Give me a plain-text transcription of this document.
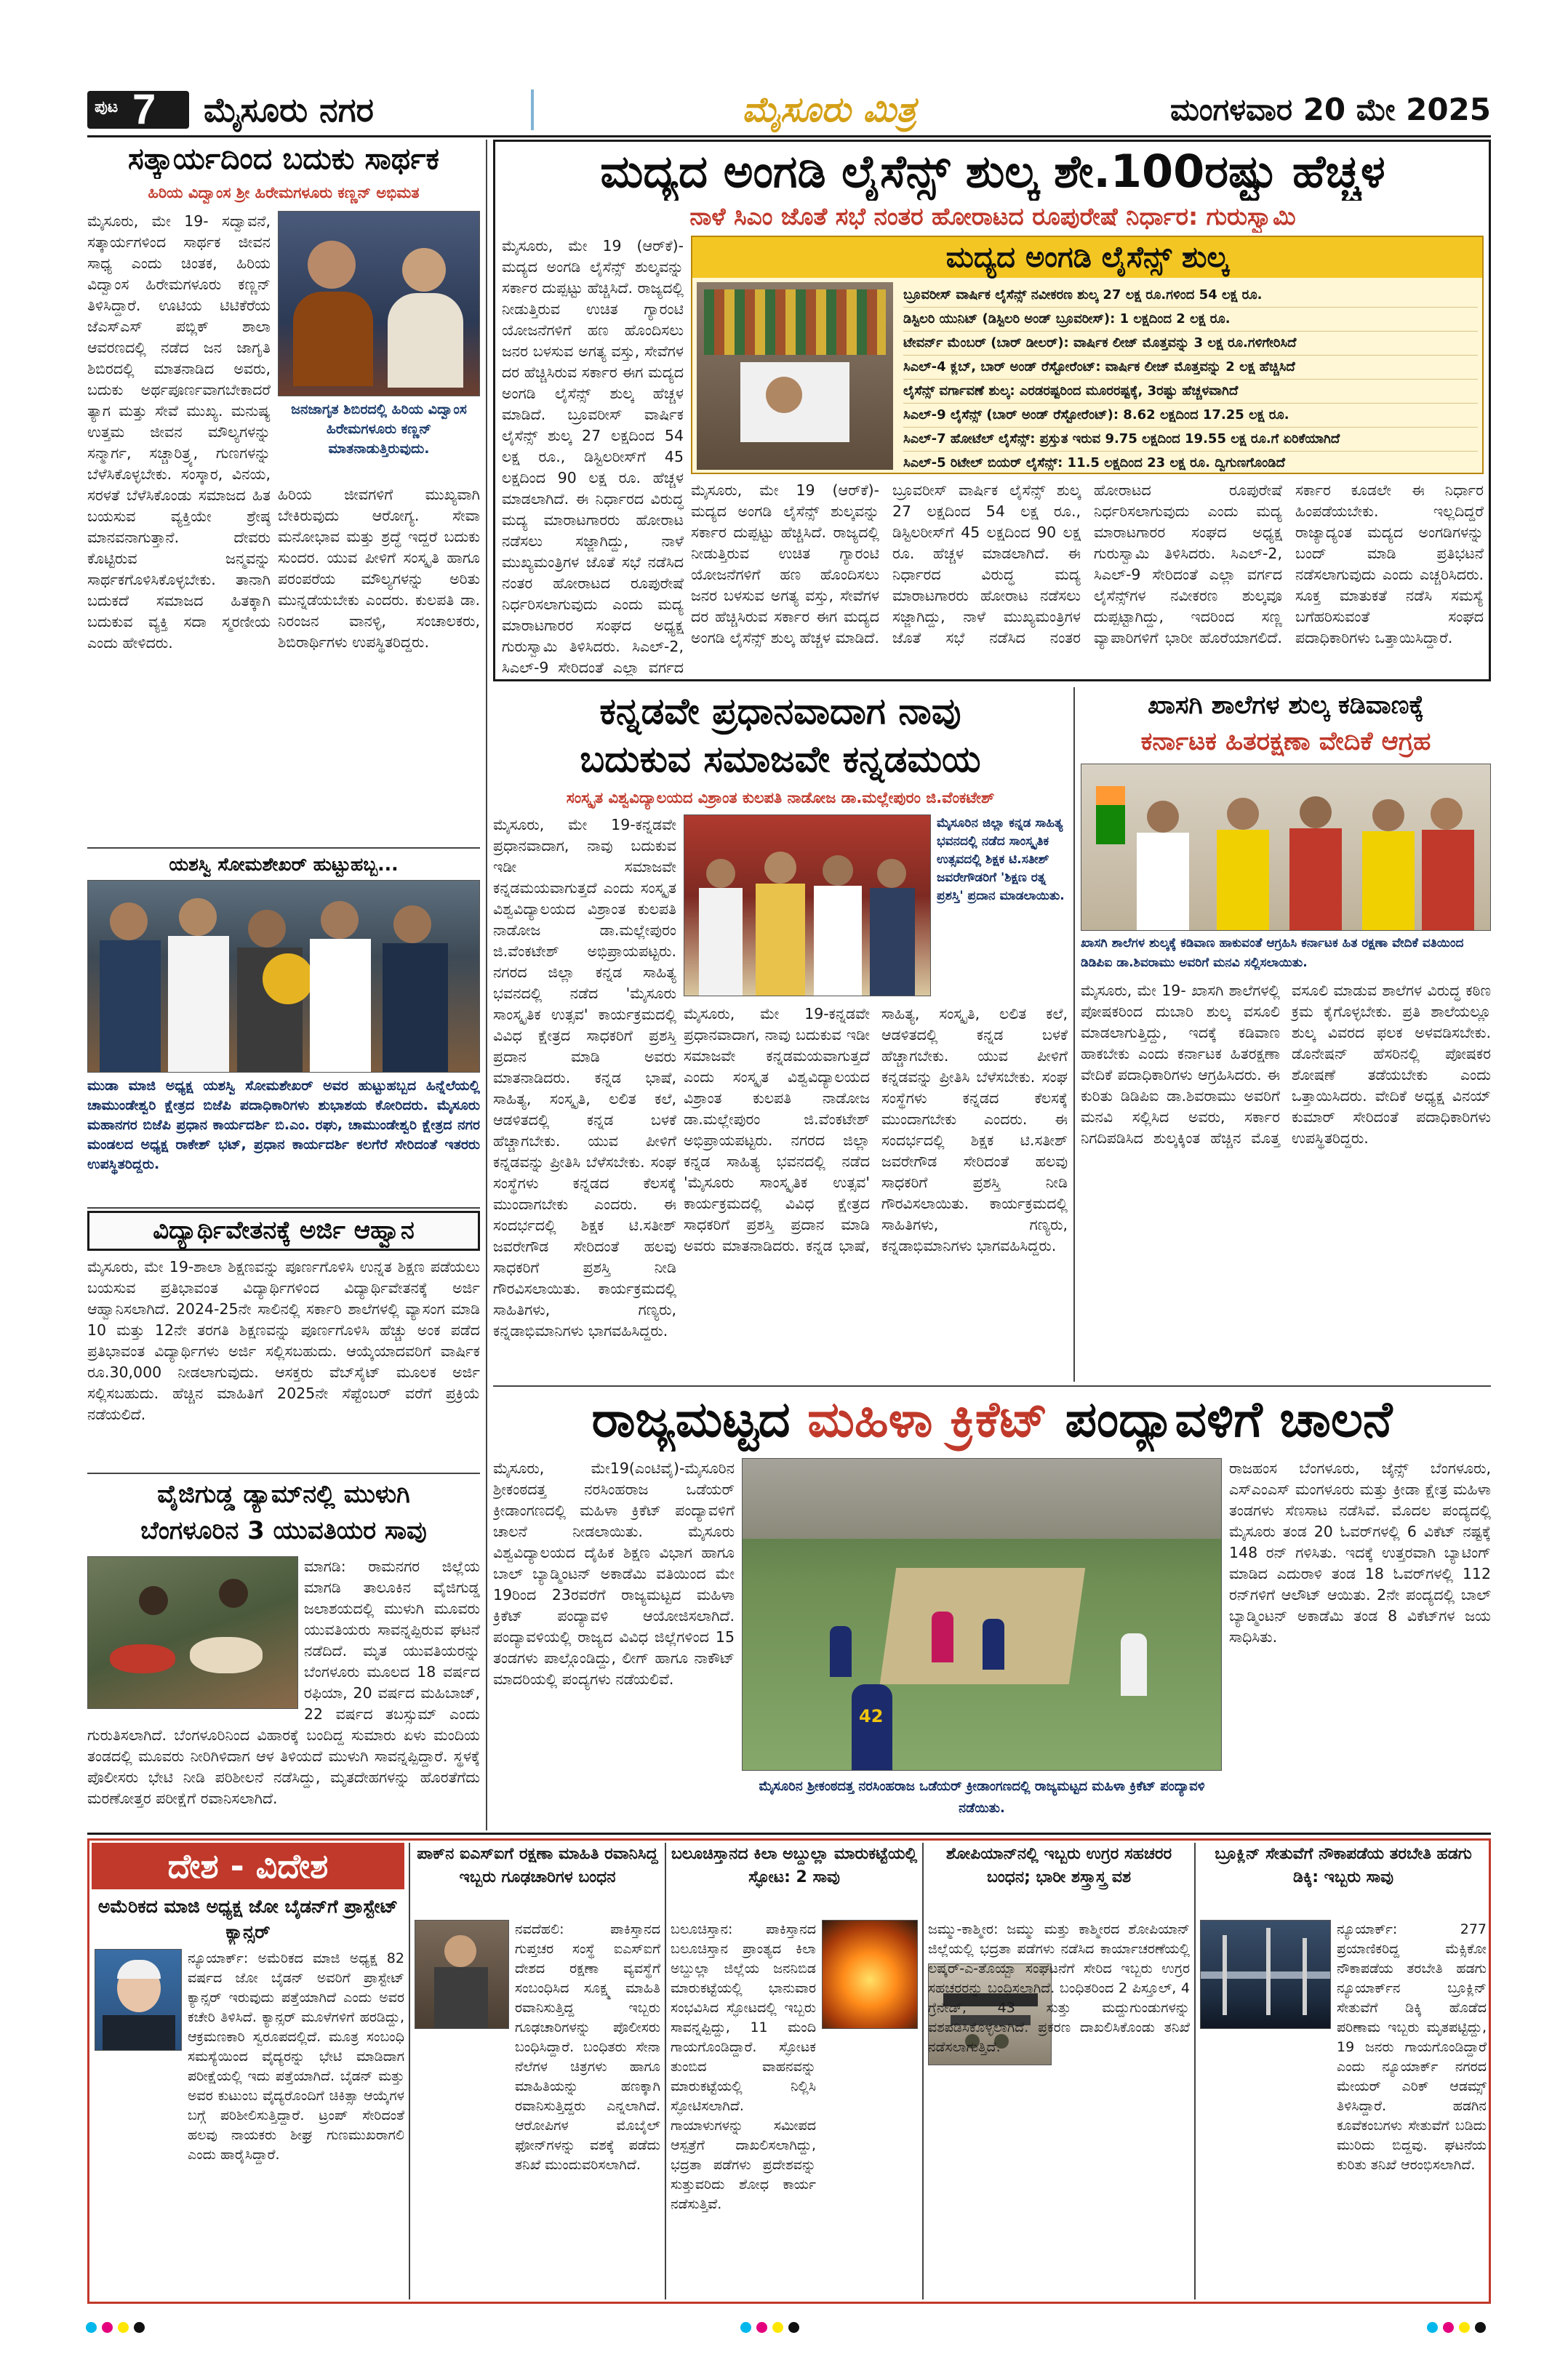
ಪುಟ 7 ಮೈಸೂರು ನಗರ	ಮೈಸೂರು ಮಿತ್ರ	ಮಂಗಳವಾರ 20 ಮೇ 2025
ಸತ್ಕಾರ್ಯದಿಂದ ಬದುಕು ಸಾರ್ಥಕ
ಹಿರಿಯ ವಿದ್ವಾಂಸ ಶ್ರೀ ಹಿರೇಮಗಳೂರು ಕಣ್ಣನ್ ಅಭಿಮತ
ಮೈಸೂರು, ಮೇ 19- ಸದ್ವಾವನೆ, ಸತ್ಕಾರ್ಯಗಳಿಂದ ಸಾರ್ಥಕ ಜೀವನ ಸಾಧ್ಯ ಎಂದು ಚಿಂತಕ, ಹಿರಿಯ ವಿದ್ವಾಂಸ ಹಿರೇಮಗಳೂರು ಕಣ್ಣನ್ ತಿಳಿಸಿದ್ದಾರೆ. ಊಟಿಯ ಟಿಟಿಕೆರೆಯ ಜೆಎಸ್ಎಸ್ ಪಬ್ಲಿಕ್ ಶಾಲಾ ಆವರಣದಲ್ಲಿ ನಡೆದ ಜನ ಜಾಗೃತಿ ಶಿಬಿರದಲ್ಲಿ ಮಾತನಾಡಿದ ಅವರು, ಬದುಕು ಅರ್ಥಪೂರ್ಣವಾಗಬೇಕಾದರೆ ತ್ಯಾಗ ಮತ್ತು ಸೇವೆ ಮುಖ್ಯ. ಮನುಷ್ಯ ಉತ್ತಮ ಜೀವನ ಮೌಲ್ಯಗಳನ್ನು ಸನ್ಮಾರ್ಗ, ಸಚ್ಚಾರಿತ್ರ್ಯ, ಗುಣಗಳನ್ನು ಬೆಳೆಸಿಕೊಳ್ಳಬೇಕು. ಸಂಸ್ಕಾರ, ವಿನಯ, ಸರಳತೆ ಬೆಳೆಸಿಕೊಂಡು ಸಮಾಜದ ಹಿತ ಬಯಸುವ ವ್ಯಕ್ತಿಯೇ ಶ್ರೇಷ್ಠ ಮಾನವನಾಗುತ್ತಾನೆ. ದೇವರು ಕೊಟ್ಟಿರುವ ಜನ್ಮವನ್ನು ಸಾರ್ಥಕಗೊಳಿಸಿಕೊಳ್ಳಬೇಕು. ತಾನಾಗಿ ಬದುಕದೆ ಸಮಾಜದ ಹಿತಕ್ಕಾಗಿ ಬದುಕುವ ವ್ಯಕ್ತಿ ಸದಾ ಸ್ಮರಣೀಯ ಎಂದು ಹೇಳಿದರು.
ಜನಜಾಗೃತ ಶಿಬಿರದಲ್ಲಿ ಹಿರಿಯ ವಿದ್ವಾಂಸ ಹಿರೇಮಗಳೂರು ಕಣ್ಣನ್ ಮಾತನಾಡುತ್ತಿರುವುದು.
ಹಿರಿಯ ಜೀವಗಳಿಗೆ ಮುಖ್ಯವಾಗಿ ಬೇಕಿರುವುದು ಆರೋಗ್ಯ. ಸೇವಾ ಮನೋಭಾವ ಮತ್ತು ಶ್ರದ್ಧೆ ಇದ್ದರೆ ಬದುಕು ಸುಂದರ. ಯುವ ಪೀಳಿಗೆ ಸಂಸ್ಕೃತಿ ಹಾಗೂ ಪರಂಪರೆಯ ಮೌಲ್ಯಗಳನ್ನು ಅರಿತು ಮುನ್ನಡೆಯಬೇಕು ಎಂದರು. ಕುಲಪತಿ ಡಾ. ನಿರಂಜನ ವಾನಳ್ಳಿ, ಸಂಚಾಲಕರು, ಶಿಬಿರಾರ್ಥಿಗಳು ಉಪಸ್ಥಿತರಿದ್ದರು.
ಯಶಸ್ವಿ ಸೋಮಶೇಖರ್ ಹುಟ್ಟುಹಬ್ಬ...
ಮುಡಾ ಮಾಜಿ ಅಧ್ಯಕ್ಷ ಯಶಸ್ವಿ ಸೋಮಶೇಖರ್ ಅವರ ಹುಟ್ಟುಹಬ್ಬದ ಹಿನ್ನೆಲೆಯಲ್ಲಿ ಚಾಮುಂಡೇಶ್ವರಿ ಕ್ಷೇತ್ರದ ಬಿಜೆಪಿ ಪದಾಧಿಕಾರಿಗಳು ಶುಭಾಶಯ ಕೋರಿದರು. ಮೈಸೂರು ಮಹಾನಗರ ಬಿಜೆಪಿ ಪ್ರಧಾನ ಕಾರ್ಯದರ್ಶಿ ಬಿ.ಎಂ. ರಘು, ಚಾಮುಂಡೇಶ್ವರಿ ಕ್ಷೇತ್ರದ ನಗರ ಮಂಡಲದ ಅಧ್ಯಕ್ಷ ರಾಕೇಶ್ ಭಟ್, ಪ್ರಧಾನ ಕಾರ್ಯದರ್ಶಿ ಕಲಗೆರೆ ಸೇರಿದಂತೆ ಇತರರು ಉಪಸ್ಥಿತರಿದ್ದರು.
ವಿದ್ಯಾರ್ಥಿವೇತನಕ್ಕೆ ಅರ್ಜಿ ಆಹ್ವಾನ
ಮೈಸೂರು, ಮೇ 19-ಶಾಲಾ ಶಿಕ್ಷಣವನ್ನು ಪೂರ್ಣಗೊಳಿಸಿ ಉನ್ನತ ಶಿಕ್ಷಣ ಪಡೆಯಲು ಬಯಸುವ ಪ್ರತಿಭಾವಂತ ವಿದ್ಯಾರ್ಥಿಗಳಿಂದ ವಿದ್ಯಾರ್ಥಿವೇತನಕ್ಕೆ ಅರ್ಜಿ ಆಹ್ವಾನಿಸಲಾಗಿದೆ. 2024-25ನೇ ಸಾಲಿನಲ್ಲಿ ಸರ್ಕಾರಿ ಶಾಲೆಗಳಲ್ಲಿ ವ್ಯಾಸಂಗ ಮಾಡಿ 10 ಮತ್ತು 12ನೇ ತರಗತಿ ಶಿಕ್ಷಣವನ್ನು ಪೂರ್ಣಗೊಳಿಸಿ ಹೆಚ್ಚು ಅಂಕ ಪಡೆದ ಪ್ರತಿಭಾವಂತ ವಿದ್ಯಾರ್ಥಿಗಳು ಅರ್ಜಿ ಸಲ್ಲಿಸಬಹುದು. ಆಯ್ಕೆಯಾದವರಿಗೆ ವಾರ್ಷಿಕ ರೂ.30,000 ನೀಡಲಾಗುವುದು. ಆಸಕ್ತರು ವೆಬ್‌ಸೈಟ್ ಮೂಲಕ ಅರ್ಜಿ ಸಲ್ಲಿಸಬಹುದು. ಹೆಚ್ಚಿನ ಮಾಹಿತಿಗೆ 2025ನೇ ಸೆಪ್ಟೆಂಬರ್ ವರೆಗೆ ಪ್ರಕ್ರಿಯೆ ನಡೆಯಲಿದೆ.
ವೈಜಿಗುಡ್ಡ ಡ್ಯಾಮ್‌ನಲ್ಲಿ ಮುಳುಗಿ
ಬೆಂಗಳೂರಿನ 3 ಯುವತಿಯರ ಸಾವು
ಮಾಗಡಿ: ರಾಮನಗರ ಜಿಲ್ಲೆಯ ಮಾಗಡಿ ತಾಲೂಕಿನ ವೈಜಿಗುಡ್ಡ ಜಲಾಶಯದಲ್ಲಿ ಮುಳುಗಿ ಮೂವರು ಯುವತಿಯರು ಸಾವನ್ನಪ್ಪಿರುವ ಘಟನೆ ನಡೆದಿದೆ. ಮೃತ ಯುವತಿಯರನ್ನು ಬೆಂಗಳೂರು ಮೂಲದ 18 ವರ್ಷದ ರಫಿಯಾ, 20 ವರ್ಷದ ಮಹಿಬಾಜ್, 22 ವರ್ಷದ ತಬಸ್ಸುಮ್ ಎಂದು ಗುರುತಿಸಲಾಗಿದೆ. ಬೆಂಗಳೂರಿನಿಂದ ವಿಹಾರಕ್ಕೆ ಬಂದಿದ್ದ ಸುಮಾರು ಏಳು ಮಂದಿಯ ತಂಡದಲ್ಲಿ ಮೂವರು ನೀರಿಗಿಳಿದಾಗ ಆಳ ತಿಳಿಯದೆ ಮುಳುಗಿ ಸಾವನ್ನಪ್ಪಿದ್ದಾರೆ. ಸ್ಥಳಕ್ಕೆ ಪೊಲೀಸರು ಭೇಟಿ ನೀಡಿ ಪರಿಶೀಲನೆ ನಡೆಸಿದ್ದು, ಮೃತದೇಹಗಳನ್ನು ಹೊರತೆಗೆದು ಮರಣೋತ್ತರ ಪರೀಕ್ಷೆಗೆ ರವಾನಿಸಲಾಗಿದೆ.
ಮದ್ಯದ ಅಂಗಡಿ ಲೈಸೆನ್ಸ್ ಶುಲ್ಕ ಶೇ.100ರಷ್ಟು ಹೆಚ್ಚಳ
ನಾಳೆ ಸಿಎಂ ಜೊತೆ ಸಭೆ ನಂತರ ಹೋರಾಟದ ರೂಪುರೇಷೆ ನಿರ್ಧಾರ: ಗುರುಸ್ವಾಮಿ
ಮದ್ಯದ ಅಂಗಡಿ ಲೈಸೆನ್ಸ್ ಶುಲ್ಕ
ಬ್ರೂವರೀಸ್ ವಾರ್ಷಿಕ ಲೈಸೆನ್ಸ್ ನವೀಕರಣ ಶುಲ್ಕ 27 ಲಕ್ಷ ರೂ.ಗಳಿಂದ 54 ಲಕ್ಷ ರೂ.
ಡಿಸ್ಟಿಲರಿ ಯುನಿಟ್ (ಡಿಸ್ಟಿಲರಿ ಅಂಡ್ ಬ್ರೂವರೀಸ್): 1 ಲಕ್ಷದಿಂದ 2 ಲಕ್ಷ ರೂ.
ಟೇವರ್ನ್ ಮೆಂಬರ್ (ಬಾರ್ ಡೀಲರ್): ವಾರ್ಷಿಕ ಲೀಜ್ ಮೊತ್ತವನ್ನು 3 ಲಕ್ಷ ರೂ.ಗಳಿಗೇರಿಸಿದೆ
ಸಿಎಲ್-4 ಕ್ಲಬ್, ಬಾರ್ ಅಂಡ್ ರೆಸ್ಟೋರೆಂಟ್: ವಾರ್ಷಿಕ ಲೀಜ್ ಮೊತ್ತವನ್ನು 2 ಲಕ್ಷ ಹೆಚ್ಚಿಸಿದೆ
ಲೈಸೆನ್ಸ್ ವರ್ಗಾವಣೆ ಶುಲ್ಕ: ಎರಡರಷ್ಟರಿಂದ ಮೂರರಷ್ಟಕ್ಕೆ, 3ರಷ್ಟು ಹೆಚ್ಚಳವಾಗಿದೆ
ಸಿಎಲ್-9 ಲೈಸೆನ್ಸ್ (ಬಾರ್ ಅಂಡ್ ರೆಸ್ಟೋರೆಂಟ್): 8.62 ಲಕ್ಷದಿಂದ 17.25 ಲಕ್ಷ ರೂ.
ಸಿಎಲ್-7 ಹೋಟೆಲ್ ಲೈಸೆನ್ಸ್: ಪ್ರಸ್ತುತ ಇರುವ 9.75 ಲಕ್ಷದಿಂದ 19.55 ಲಕ್ಷ ರೂ.ಗೆ ಏರಿಕೆಯಾಗಿದೆ
ಸಿಎಲ್-5 ರಿಟೇಲ್ ಬಿಯರ್ ಲೈಸೆನ್ಸ್: 11.5 ಲಕ್ಷದಿಂದ 23 ಲಕ್ಷ ರೂ. ದ್ವಿಗುಣಗೊಂಡಿದೆ
ಮೈಸೂರು, ಮೇ 19 (ಆರ್‌ಕೆ)- ಮದ್ಯದ ಅಂಗಡಿ ಲೈಸೆನ್ಸ್ ಶುಲ್ಕವನ್ನು ಸರ್ಕಾರ ದುಪ್ಪಟ್ಟು ಹೆಚ್ಚಿಸಿದೆ. ರಾಜ್ಯದಲ್ಲಿ ನೀಡುತ್ತಿರುವ ಉಚಿತ ಗ್ಯಾರಂಟಿ ಯೋಜನೆಗಳಿಗೆ ಹಣ ಹೊಂದಿಸಲು ಜನರ ಬಳಸುವ ಅಗತ್ಯ ವಸ್ತು, ಸೇವೆಗಳ ದರ ಹೆಚ್ಚಿಸಿರುವ ಸರ್ಕಾರ ಈಗ ಮದ್ಯದ ಅಂಗಡಿ ಲೈಸೆನ್ಸ್ ಶುಲ್ಕ ಹೆಚ್ಚಳ ಮಾಡಿದೆ. ಬ್ರೂವರೀಸ್ ವಾರ್ಷಿಕ ಲೈಸೆನ್ಸ್ ಶುಲ್ಕ 27 ಲಕ್ಷದಿಂದ 54 ಲಕ್ಷ ರೂ., ಡಿಸ್ಟಿಲರೀಸ್‌ಗೆ 45 ಲಕ್ಷದಿಂದ 90 ಲಕ್ಷ ರೂ. ಹೆಚ್ಚಳ ಮಾಡಲಾಗಿದೆ. ಈ ನಿರ್ಧಾರದ ವಿರುದ್ಧ ಮದ್ಯ ಮಾರಾಟಗಾರರು ಹೋರಾಟ ನಡೆಸಲು ಸಜ್ಜಾಗಿದ್ದು, ನಾಳೆ ಮುಖ್ಯಮಂತ್ರಿಗಳ ಜೊತೆ ಸಭೆ ನಡೆಸಿದ ನಂತರ ಹೋರಾಟದ ರೂಪುರೇಷೆ ನಿರ್ಧರಿಸಲಾಗುವುದು ಎಂದು ಮದ್ಯ ಮಾರಾಟಗಾರರ ಸಂಘದ ಅಧ್ಯಕ್ಷ ಗುರುಸ್ವಾಮಿ ತಿಳಿಸಿದರು. ಸಿಎಲ್-2, ಸಿಎಲ್-9 ಸೇರಿದಂತೆ ಎಲ್ಲಾ ವರ್ಗದ
ಮೈಸೂರು, ಮೇ 19 (ಆರ್‌ಕೆ)- ಮದ್ಯದ ಅಂಗಡಿ ಲೈಸೆನ್ಸ್ ಶುಲ್ಕವನ್ನು ಸರ್ಕಾರ ದುಪ್ಪಟ್ಟು ಹೆಚ್ಚಿಸಿದೆ. ರಾಜ್ಯದಲ್ಲಿ ನೀಡುತ್ತಿರುವ ಉಚಿತ ಗ್ಯಾರಂಟಿ ಯೋಜನೆಗಳಿಗೆ ಹಣ ಹೊಂದಿಸಲು ಜನರ ಬಳಸುವ ಅಗತ್ಯ ವಸ್ತು, ಸೇವೆಗಳ ದರ ಹೆಚ್ಚಿಸಿರುವ ಸರ್ಕಾರ ಈಗ ಮದ್ಯದ ಅಂಗಡಿ ಲೈಸೆನ್ಸ್ ಶುಲ್ಕ ಹೆಚ್ಚಳ ಮಾಡಿದೆ. ಬ್ರೂವರೀಸ್ ವಾರ್ಷಿಕ ಲೈಸೆನ್ಸ್ ಶುಲ್ಕ 27 ಲಕ್ಷದಿಂದ 54 ಲಕ್ಷ ರೂ., ಡಿಸ್ಟಿಲರೀಸ್‌ಗೆ 45 ಲಕ್ಷದಿಂದ 90 ಲಕ್ಷ ರೂ. ಹೆಚ್ಚಳ ಮಾಡಲಾಗಿದೆ. ಈ ನಿರ್ಧಾರದ ವಿರುದ್ಧ ಮದ್ಯ ಮಾರಾಟಗಾರರು ಹೋರಾಟ ನಡೆಸಲು ಸಜ್ಜಾಗಿದ್ದು, ನಾಳೆ ಮುಖ್ಯಮಂತ್ರಿಗಳ ಜೊತೆ ಸಭೆ ನಡೆಸಿದ ನಂತರ ಹೋರಾಟದ ರೂಪುರೇಷೆ ನಿರ್ಧರಿಸಲಾಗುವುದು ಎಂದು ಮದ್ಯ ಮಾರಾಟಗಾರರ ಸಂಘದ ಅಧ್ಯಕ್ಷ ಗುರುಸ್ವಾಮಿ ತಿಳಿಸಿದರು. ಸಿಎಲ್-2, ಸಿಎಲ್-9 ಸೇರಿದಂತೆ ಎಲ್ಲಾ ವರ್ಗದ ಲೈಸೆನ್ಸ್‌ಗಳ ನವೀಕರಣ ಶುಲ್ಕವೂ ದುಪ್ಪಟ್ಟಾಗಿದ್ದು, ಇದರಿಂದ ಸಣ್ಣ ವ್ಯಾಪಾರಿಗಳಿಗೆ ಭಾರೀ ಹೊರೆಯಾಗಲಿದೆ. ಸರ್ಕಾರ ಕೂಡಲೇ ಈ ನಿರ್ಧಾರ ಹಿಂಪಡೆಯಬೇಕು. ಇಲ್ಲದಿದ್ದರೆ ರಾಜ್ಯಾದ್ಯಂತ ಮದ್ಯದ ಅಂಗಡಿಗಳನ್ನು ಬಂದ್ ಮಾಡಿ ಪ್ರತಿಭಟನೆ ನಡೆಸಲಾಗುವುದು ಎಂದು ಎಚ್ಚರಿಸಿದರು. ಸೂಕ್ತ ಮಾತುಕತೆ ನಡೆಸಿ ಸಮಸ್ಯೆ ಬಗೆಹರಿಸುವಂತೆ ಸಂಘದ ಪದಾಧಿಕಾರಿಗಳು ಒತ್ತಾಯಿಸಿದ್ದಾರೆ.
ಕನ್ನಡವೇ ಪ್ರಧಾನವಾದಾಗ ನಾವು
ಬದುಕುವ ಸಮಾಜವೇ ಕನ್ನಡಮಯ
ಸಂಸ್ಕೃತ ವಿಶ್ವವಿದ್ಯಾಲಯದ ವಿಶ್ರಾಂತ ಕುಲಪತಿ ನಾಡೋಜ ಡಾ.ಮಲ್ಲೇಪುರಂ ಜಿ.ವೆಂಕಟೇಶ್
ಮೈಸೂರು, ಮೇ 19-ಕನ್ನಡವೇ ಪ್ರಧಾನವಾದಾಗ, ನಾವು ಬದುಕುವ ಇಡೀ ಸಮಾಜವೇ ಕನ್ನಡಮಯವಾಗುತ್ತದೆ ಎಂದು ಸಂಸ್ಕೃತ ವಿಶ್ವವಿದ್ಯಾಲಯದ ವಿಶ್ರಾಂತ ಕುಲಪತಿ ನಾಡೋಜ ಡಾ.ಮಲ್ಲೇಪುರಂ ಜಿ.ವೆಂಕಟೇಶ್ ಅಭಿಪ್ರಾಯಪಟ್ಟರು. ನಗರದ ಜಿಲ್ಲಾ ಕನ್ನಡ ಸಾಹಿತ್ಯ ಭವನದಲ್ಲಿ ನಡೆದ 'ಮೈಸೂರು ಸಾಂಸ್ಕೃತಿಕ ಉತ್ಸವ' ಕಾರ್ಯಕ್ರಮದಲ್ಲಿ ವಿವಿಧ ಕ್ಷೇತ್ರದ ಸಾಧಕರಿಗೆ ಪ್ರಶಸ್ತಿ ಪ್ರದಾನ ಮಾಡಿ ಅವರು ಮಾತನಾಡಿದರು. ಕನ್ನಡ ಭಾಷೆ, ಸಾಹಿತ್ಯ, ಸಂಸ್ಕೃತಿ, ಲಲಿತ ಕಲೆ, ಆಡಳಿತದಲ್ಲಿ ಕನ್ನಡ ಬಳಕೆ ಹೆಚ್ಚಾಗಬೇಕು. ಯುವ ಪೀಳಿಗೆ ಕನ್ನಡವನ್ನು ಪ್ರೀತಿಸಿ ಬೆಳೆಸಬೇಕು. ಸಂಘ ಸಂಸ್ಥೆಗಳು ಕನ್ನಡದ ಕೆಲಸಕ್ಕೆ ಮುಂದಾಗಬೇಕು ಎಂದರು. ಈ ಸಂದರ್ಭದಲ್ಲಿ ಶಿಕ್ಷಕ ಟಿ.ಸತೀಶ್ ಜವರೇಗೌಡ ಸೇರಿದಂತೆ ಹಲವು ಸಾಧಕರಿಗೆ ಪ್ರಶಸ್ತಿ ನೀಡಿ ಗೌರವಿಸಲಾಯಿತು. ಕಾರ್ಯಕ್ರಮದಲ್ಲಿ ಸಾಹಿತಿಗಳು, ಗಣ್ಯರು, ಕನ್ನಡಾಭಿಮಾನಿಗಳು ಭಾಗವಹಿಸಿದ್ದರು.
ಮೈಸೂರಿನ ಜಿಲ್ಲಾ ಕನ್ನಡ ಸಾಹಿತ್ಯ ಭವನದಲ್ಲಿ ನಡೆದ ಸಾಂಸ್ಕೃತಿಕ ಉತ್ಸವದಲ್ಲಿ ಶಿಕ್ಷಕ ಟಿ.ಸತೀಶ್ ಜವರೇಗೌಡರಿಗೆ 'ಶಿಕ್ಷಣ ರತ್ನ ಪ್ರಶಸ್ತಿ' ಪ್ರದಾನ ಮಾಡಲಾಯಿತು.
ಮೈಸೂರು, ಮೇ 19-ಕನ್ನಡವೇ ಪ್ರಧಾನವಾದಾಗ, ನಾವು ಬದುಕುವ ಇಡೀ ಸಮಾಜವೇ ಕನ್ನಡಮಯವಾಗುತ್ತದೆ ಎಂದು ಸಂಸ್ಕೃತ ವಿಶ್ವವಿದ್ಯಾಲಯದ ವಿಶ್ರಾಂತ ಕುಲಪತಿ ನಾಡೋಜ ಡಾ.ಮಲ್ಲೇಪುರಂ ಜಿ.ವೆಂಕಟೇಶ್ ಅಭಿಪ್ರಾಯಪಟ್ಟರು. ನಗರದ ಜಿಲ್ಲಾ ಕನ್ನಡ ಸಾಹಿತ್ಯ ಭವನದಲ್ಲಿ ನಡೆದ 'ಮೈಸೂರು ಸಾಂಸ್ಕೃತಿಕ ಉತ್ಸವ' ಕಾರ್ಯಕ್ರಮದಲ್ಲಿ ವಿವಿಧ ಕ್ಷೇತ್ರದ ಸಾಧಕರಿಗೆ ಪ್ರಶಸ್ತಿ ಪ್ರದಾನ ಮಾಡಿ ಅವರು ಮಾತನಾಡಿದರು. ಕನ್ನಡ ಭಾಷೆ, ಸಾಹಿತ್ಯ, ಸಂಸ್ಕೃತಿ, ಲಲಿತ ಕಲೆ, ಆಡಳಿತದಲ್ಲಿ ಕನ್ನಡ ಬಳಕೆ ಹೆಚ್ಚಾಗಬೇಕು. ಯುವ ಪೀಳಿಗೆ ಕನ್ನಡವನ್ನು ಪ್ರೀತಿಸಿ ಬೆಳೆಸಬೇಕು. ಸಂಘ ಸಂಸ್ಥೆಗಳು ಕನ್ನಡದ ಕೆಲಸಕ್ಕೆ ಮುಂದಾಗಬೇಕು ಎಂದರು. ಈ ಸಂದರ್ಭದಲ್ಲಿ ಶಿಕ್ಷಕ ಟಿ.ಸತೀಶ್ ಜವರೇಗೌಡ ಸೇರಿದಂತೆ ಹಲವು ಸಾಧಕರಿಗೆ ಪ್ರಶಸ್ತಿ ನೀಡಿ ಗೌರವಿಸಲಾಯಿತು. ಕಾರ್ಯಕ್ರಮದಲ್ಲಿ ಸಾಹಿತಿಗಳು, ಗಣ್ಯರು, ಕನ್ನಡಾಭಿಮಾನಿಗಳು ಭಾಗವಹಿಸಿದ್ದರು.
ಖಾಸಗಿ ಶಾಲೆಗಳ ಶುಲ್ಕ ಕಡಿವಾಣಕ್ಕೆ
ಕರ್ನಾಟಕ ಹಿತರಕ್ಷಣಾ ವೇದಿಕೆ ಆಗ್ರಹ
ಖಾಸಗಿ ಶಾಲೆಗಳ ಶುಲ್ಕಕ್ಕೆ ಕಡಿವಾಣ ಹಾಕುವಂತೆ ಆಗ್ರಹಿಸಿ ಕರ್ನಾಟಕ ಹಿತ ರಕ್ಷಣಾ ವೇದಿಕೆ ವತಿಯಿಂದ ಡಿಡಿಪಿಐ ಡಾ.ಶಿವರಾಮು ಅವರಿಗೆ ಮನವಿ ಸಲ್ಲಿಸಲಾಯಿತು.
ಮೈಸೂರು, ಮೇ 19- ಖಾಸಗಿ ಶಾಲೆಗಳಲ್ಲಿ ಪೋಷಕರಿಂದ ದುಬಾರಿ ಶುಲ್ಕ ವಸೂಲಿ ಮಾಡಲಾಗುತ್ತಿದ್ದು, ಇದಕ್ಕೆ ಕಡಿವಾಣ ಹಾಕಬೇಕು ಎಂದು ಕರ್ನಾಟಕ ಹಿತರಕ್ಷಣಾ ವೇದಿಕೆ ಪದಾಧಿಕಾರಿಗಳು ಆಗ್ರಹಿಸಿದರು. ಈ ಕುರಿತು ಡಿಡಿಪಿಐ ಡಾ.ಶಿವರಾಮು ಅವರಿಗೆ ಮನವಿ ಸಲ್ಲಿಸಿದ ಅವರು, ಸರ್ಕಾರ ನಿಗದಿಪಡಿಸಿದ ಶುಲ್ಕಕ್ಕಿಂತ ಹೆಚ್ಚಿನ ಮೊತ್ತ ವಸೂಲಿ ಮಾಡುವ ಶಾಲೆಗಳ ವಿರುದ್ಧ ಕಠಿಣ ಕ್ರಮ ಕೈಗೊಳ್ಳಬೇಕು. ಪ್ರತಿ ಶಾಲೆಯಲ್ಲೂ ಶುಲ್ಕ ವಿವರದ ಫಲಕ ಅಳವಡಿಸಬೇಕು. ಡೊನೇಷನ್ ಹೆಸರಿನಲ್ಲಿ ಪೋಷಕರ ಶೋಷಣೆ ತಡೆಯಬೇಕು ಎಂದು ಒತ್ತಾಯಿಸಿದರು. ವೇದಿಕೆ ಅಧ್ಯಕ್ಷ ವಿನಯ್ ಕುಮಾರ್ ಸೇರಿದಂತೆ ಪದಾಧಿಕಾರಿಗಳು ಉಪಸ್ಥಿತರಿದ್ದರು.
ರಾಜ್ಯಮಟ್ಟದ ಮಹಿಳಾ ಕ್ರಿಕೆಟ್ ಪಂದ್ಯಾವಳಿಗೆ ಚಾಲನೆ
ಮೈಸೂರು, ಮೇ19(ಎಂಟಿವೈ)-ಮೈಸೂರಿನ ಶ್ರೀಕಂಠದತ್ತ ನರಸಿಂಹರಾಜ ಒಡೆಯರ್ ಕ್ರೀಡಾಂಗಣದಲ್ಲಿ ಮಹಿಳಾ ಕ್ರಿಕೆಟ್ ಪಂದ್ಯಾವಳಿಗೆ ಚಾಲನೆ ನೀಡಲಾಯಿತು. ಮೈಸೂರು ವಿಶ್ವವಿದ್ಯಾಲಯದ ದೈಹಿಕ ಶಿಕ್ಷಣ ವಿಭಾಗ ಹಾಗೂ ಬಾಲ್ ಬ್ಯಾಡ್ಮಿಂಟನ್ ಅಕಾಡೆಮಿ ವತಿಯಿಂದ ಮೇ 19ರಿಂದ 23ರವರೆಗೆ ರಾಜ್ಯಮಟ್ಟದ ಮಹಿಳಾ ಕ್ರಿಕೆಟ್ ಪಂದ್ಯಾವಳಿ ಆಯೋಜಿಸಲಾಗಿದೆ. ಪಂದ್ಯಾವಳಿಯಲ್ಲಿ ರಾಜ್ಯದ ವಿವಿಧ ಜಿಲ್ಲೆಗಳಿಂದ 15 ತಂಡಗಳು ಪಾಲ್ಗೊಂಡಿದ್ದು, ಲೀಗ್ ಹಾಗೂ ನಾಕೌಟ್ ಮಾದರಿಯಲ್ಲಿ ಪಂದ್ಯಗಳು ನಡೆಯಲಿವೆ.
42
ಮೈಸೂರಿನ ಶ್ರೀಕಂಠದತ್ತ ನರಸಿಂಹರಾಜ ಒಡೆಯರ್ ಕ್ರೀಡಾಂಗಣದಲ್ಲಿ ರಾಜ್ಯಮಟ್ಟದ ಮಹಿಳಾ ಕ್ರಿಕೆಟ್ ಪಂದ್ಯಾವಳಿ ನಡೆಯಿತು.
ರಾಜಹಂಸ ಬೆಂಗಳೂರು, ಜೈನ್ಸ್ ಬೆಂಗಳೂರು, ಎಸ್‌ಎಂಎಸ್ ಮಂಗಳೂರು ಮತ್ತು ಕ್ರೀಡಾ ಕ್ಷೇತ್ರ ಮಹಿಳಾ ತಂಡಗಳು ಸೆಣಸಾಟ ನಡೆಸಿವೆ. ಮೊದಲ ಪಂದ್ಯದಲ್ಲಿ ಮೈಸೂರು ತಂಡ 20 ಓವರ್‌ಗಳಲ್ಲಿ 6 ವಿಕೆಟ್ ನಷ್ಟಕ್ಕೆ 148 ರನ್ ಗಳಿಸಿತು. ಇದಕ್ಕೆ ಉತ್ತರವಾಗಿ ಬ್ಯಾಟಿಂಗ್ ಮಾಡಿದ ಎದುರಾಳಿ ತಂಡ 18 ಓವರ್‌ಗಳಲ್ಲಿ 112 ರನ್‌ಗಳಿಗೆ ಆಲೌಟ್ ಆಯಿತು. 2ನೇ ಪಂದ್ಯದಲ್ಲಿ ಬಾಲ್ ಬ್ಯಾಡ್ಮಿಂಟನ್ ಅಕಾಡೆಮಿ ತಂಡ 8 ವಿಕೆಟ್‌ಗಳ ಜಯ ಸಾಧಿಸಿತು.
ದೇಶ - ವಿದೇಶ
ಅಮೆರಿಕದ ಮಾಜಿ ಅಧ್ಯಕ್ಷ ಜೋ ಬೈಡನ್‌ಗೆ ಪ್ರಾಸ್ಟೇಟ್ ಕ್ಯಾನ್ಸರ್
ನ್ಯೂಯಾರ್ಕ್: ಅಮೆರಿಕದ ಮಾಜಿ ಅಧ್ಯಕ್ಷ 82 ವರ್ಷದ ಜೋ ಬೈಡನ್ ಅವರಿಗೆ ಪ್ರಾಸ್ಟೇಟ್ ಕ್ಯಾನ್ಸರ್ ಇರುವುದು ಪತ್ತೆಯಾಗಿದೆ ಎಂದು ಅವರ ಕಚೇರಿ ತಿಳಿಸಿದೆ. ಕ್ಯಾನ್ಸರ್ ಮೂಳೆಗಳಿಗೆ ಹರಡಿದ್ದು, ಆಕ್ರಮಣಕಾರಿ ಸ್ವರೂಪದಲ್ಲಿದೆ. ಮೂತ್ರ ಸಂಬಂಧಿ ಸಮಸ್ಯೆಯಿಂದ ವೈದ್ಯರನ್ನು ಭೇಟಿ ಮಾಡಿದಾಗ ಪರೀಕ್ಷೆಯಲ್ಲಿ ಇದು ಪತ್ತೆಯಾಗಿದೆ. ಬೈಡನ್ ಮತ್ತು ಅವರ ಕುಟುಂಬ ವೈದ್ಯರೊಂದಿಗೆ ಚಿಕಿತ್ಸಾ ಆಯ್ಕೆಗಳ ಬಗ್ಗೆ ಪರಿಶೀಲಿಸುತ್ತಿದ್ದಾರೆ. ಟ್ರಂಪ್ ಸೇರಿದಂತೆ ಹಲವು ನಾಯಕರು ಶೀಘ್ರ ಗುಣಮುಖರಾಗಲಿ ಎಂದು ಹಾರೈಸಿದ್ದಾರೆ.
ಪಾಕ್‌ನ ಐಎಸ್‌ಐಗೆ ರಕ್ಷಣಾ ಮಾಹಿತಿ ರವಾನಿಸಿದ್ದ ಇಬ್ಬರು ಗೂಢಚಾರಿಗಳ ಬಂಧನ
ನವದೆಹಲಿ: ಪಾಕಿಸ್ತಾನದ ಗುಪ್ತಚರ ಸಂಸ್ಥೆ ಐಎಸ್‌ಐಗೆ ದೇಶದ ರಕ್ಷಣಾ ವ್ಯವಸ್ಥೆಗೆ ಸಂಬಂಧಿಸಿದ ಸೂಕ್ಷ್ಮ ಮಾಹಿತಿ ರವಾನಿಸುತ್ತಿದ್ದ ಇಬ್ಬರು ಗೂಢಚಾರಿಗಳನ್ನು ಪೊಲೀಸರು ಬಂಧಿಸಿದ್ದಾರೆ. ಬಂಧಿತರು ಸೇನಾ ನೆಲೆಗಳ ಚಿತ್ರಗಳು ಹಾಗೂ ಮಾಹಿತಿಯನ್ನು ಹಣಕ್ಕಾಗಿ ರವಾನಿಸುತ್ತಿದ್ದರು ಎನ್ನಲಾಗಿದೆ. ಆರೋಪಿಗಳ ಮೊಬೈಲ್ ಫೋನ್‌ಗಳನ್ನು ವಶಕ್ಕೆ ಪಡೆದು ತನಿಖೆ ಮುಂದುವರಿಸಲಾಗಿದೆ.
ಬಲೂಚಿಸ್ತಾನದ ಕಿಲಾ ಅಬ್ದುಲ್ಲಾ ಮಾರುಕಟ್ಟೆಯಲ್ಲಿ ಸ್ಫೋಟ: 2 ಸಾವು
ಬಲೂಚಿಸ್ತಾನ: ಪಾಕಿಸ್ತಾನದ ಬಲೂಚಿಸ್ತಾನ ಪ್ರಾಂತ್ಯದ ಕಿಲಾ ಅಬ್ದುಲ್ಲಾ ಜಿಲ್ಲೆಯ ಜನನಿಬಿಡ ಮಾರುಕಟ್ಟೆಯಲ್ಲಿ ಭಾನುವಾರ ಸಂಭವಿಸಿದ ಸ್ಫೋಟದಲ್ಲಿ ಇಬ್ಬರು ಸಾವನ್ನಪ್ಪಿದ್ದು, 11 ಮಂದಿ ಗಾಯಗೊಂಡಿದ್ದಾರೆ. ಸ್ಫೋಟಕ ತುಂಬಿದ ವಾಹನವನ್ನು ಮಾರುಕಟ್ಟೆಯಲ್ಲಿ ನಿಲ್ಲಿಸಿ ಸ್ಫೋಟಿಸಲಾಗಿದೆ. ಗಾಯಾಳುಗಳನ್ನು ಸಮೀಪದ ಆಸ್ಪತ್ರೆಗೆ ದಾಖಲಿಸಲಾಗಿದ್ದು, ಭದ್ರತಾ ಪಡೆಗಳು ಪ್ರದೇಶವನ್ನು ಸುತ್ತುವರಿದು ಶೋಧ ಕಾರ್ಯ ನಡೆಸುತ್ತಿವೆ.
ಶೋಪಿಯಾನ್‌ನಲ್ಲಿ ಇಬ್ಬರು ಉಗ್ರರ ಸಹಚರರ ಬಂಧನ; ಭಾರೀ ಶಸ್ತ್ರಾಸ್ತ್ರ ವಶ
ಜಮ್ಮು-ಕಾಶ್ಮೀರ: ಜಮ್ಮು ಮತ್ತು ಕಾಶ್ಮೀರದ ಶೋಪಿಯಾನ್ ಜಿಲ್ಲೆಯಲ್ಲಿ ಭದ್ರತಾ ಪಡೆಗಳು ನಡೆಸಿದ ಕಾರ್ಯಾಚರಣೆಯಲ್ಲಿ ಲಷ್ಕರ್-ಎ-ತೊಯ್ಬಾ ಸಂಘಟನೆಗೆ ಸೇರಿದ ಇಬ್ಬರು ಉಗ್ರರ ಸಹಚರರನ್ನು ಬಂಧಿಸಲಾಗಿದೆ. ಬಂಧಿತರಿಂದ 2 ಪಿಸ್ತೂಲ್, 4 ಗ್ರೆನೇಡ್, 43 ಸುತ್ತು ಮದ್ದುಗುಂಡುಗಳನ್ನು ವಶಪಡಿಸಿಕೊಳ್ಳಲಾಗಿದೆ. ಪ್ರಕರಣ ದಾಖಲಿಸಿಕೊಂಡು ತನಿಖೆ ನಡೆಸಲಾಗುತ್ತಿದೆ.
ಬ್ರೂಕ್ಲಿನ್ ಸೇತುವೆಗೆ ನೌಕಾಪಡೆಯ ತರಬೇತಿ ಹಡಗು ಡಿಕ್ಕಿ: ಇಬ್ಬರು ಸಾವು
ನ್ಯೂಯಾರ್ಕ್: 277 ಪ್ರಯಾಣಿಕರಿದ್ದ ಮೆಕ್ಸಿಕೋ ನೌಕಾಪಡೆಯ ತರಬೇತಿ ಹಡಗು ನ್ಯೂಯಾರ್ಕ್‌ನ ಬ್ರೂಕ್ಲಿನ್ ಸೇತುವೆಗೆ ಡಿಕ್ಕಿ ಹೊಡೆದ ಪರಿಣಾಮ ಇಬ್ಬರು ಮೃತಪಟ್ಟಿದ್ದು, 19 ಜನರು ಗಾಯಗೊಂಡಿದ್ದಾರೆ ಎಂದು ನ್ಯೂಯಾರ್ಕ್ ನಗರದ ಮೇಯರ್ ಎರಿಕ್ ಆಡಮ್ಸ್ ತಿಳಿಸಿದ್ದಾರೆ. ಹಡಗಿನ ಕೂವೆಕಂಬಗಳು ಸೇತುವೆಗೆ ಬಡಿದು ಮುರಿದು ಬಿದ್ದವು. ಘಟನೆಯ ಕುರಿತು ತನಿಖೆ ಆರಂಭಿಸಲಾಗಿದೆ.
